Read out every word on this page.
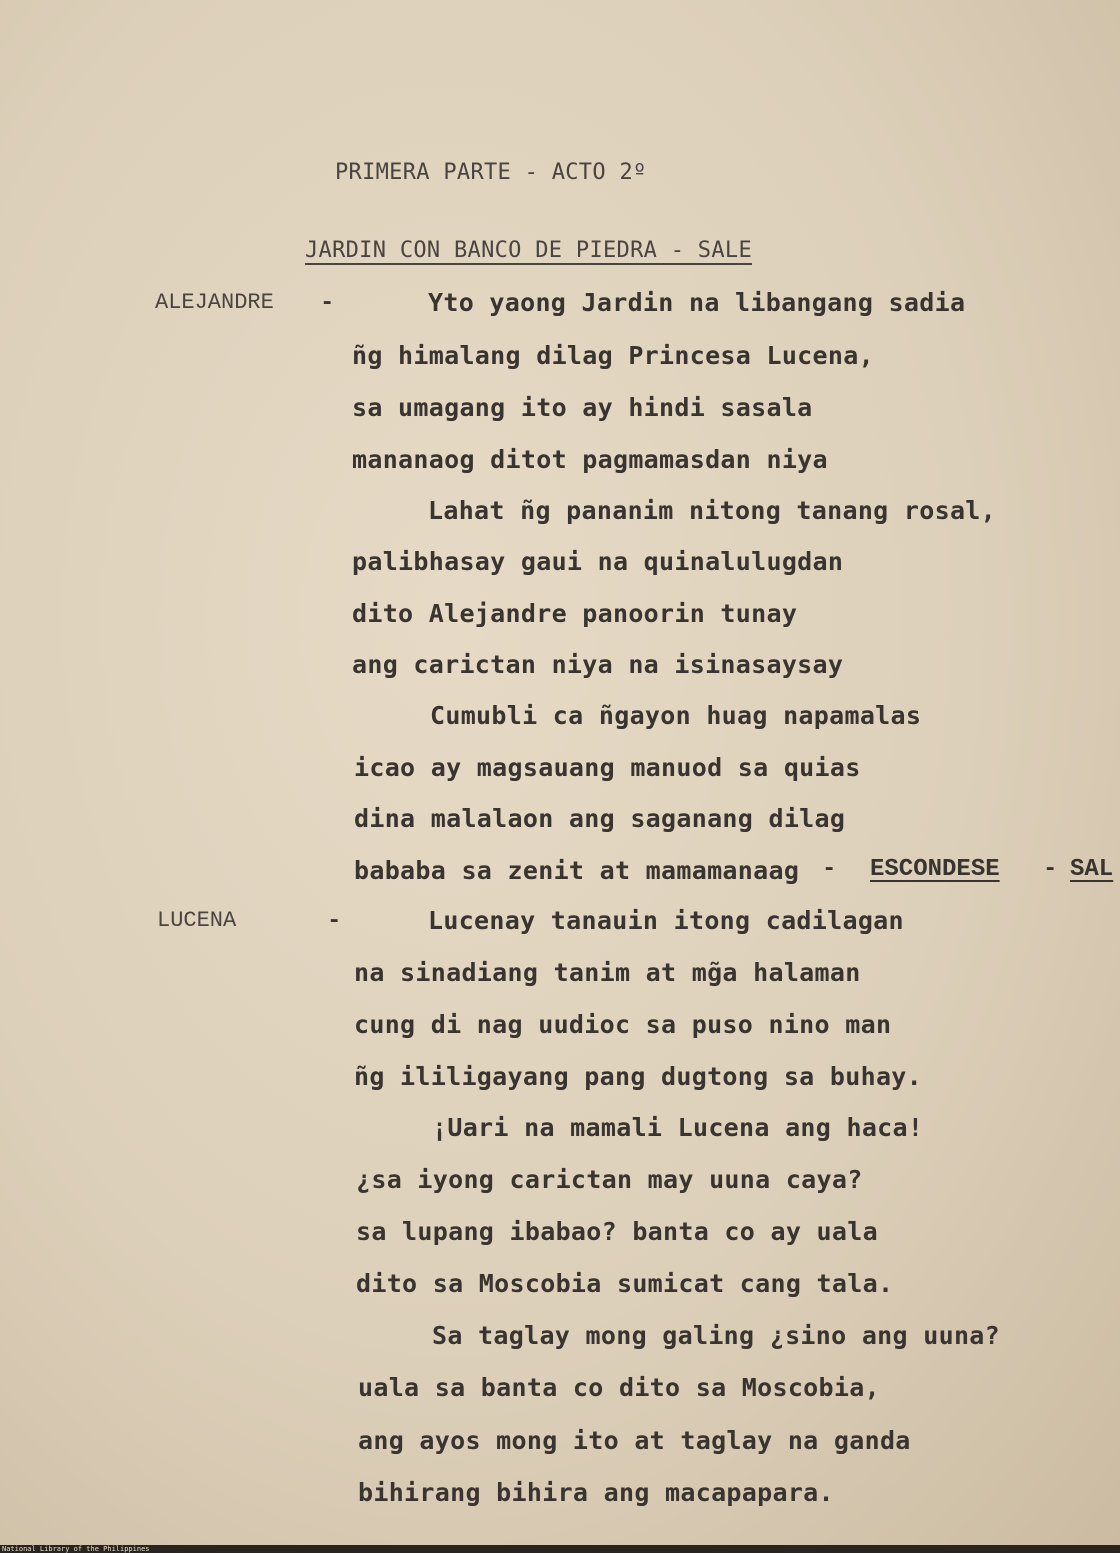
PRIMERA PARTE - ACTO 2º

JARDIN CON BANCO DE PIEDRA - SALE

ALEJANDRE -	Yto yaong Jardin na libangang sadia

ñg himalang dilag Princesa Lucena,

sa umagang ito ay hindi sasala

mananaog ditot pagmamasdan niya

Lahat ñg pananim nitong tanang rosal,

palibhasay gaui na quinalulugdan

dito Alejandre panoorin tunay

ang carictan niya na isinasaysay

Cumubli ca ñgayon huag napamalas

icao ay magsauang manuod sa quias

dina malalaon ang saganang dilag

bababa sa zenit at mamamanaag - ESCONDESE - SAL

LUCENA	-	Lucenay tanauin itong cadilagan

na sinadiang tanim at mg̃a halaman

cung di nag uudioc sa puso nino man

ñg ililigayang pang dugtong sa buhay.

¡Uari na mamali Lucena ang haca!

¿sa iyong carictan may uuna caya?

sa lupang ibabao? banta co ay uala

dito sa Moscobia sumicat cang tala.

Sa taglay mong galing ¿sino ang uuna?

uala sa banta co dito sa Moscobia,

ang ayos mong ito at taglay na ganda

bihirang bihira ang macapapara.

National Library of the Philippines
